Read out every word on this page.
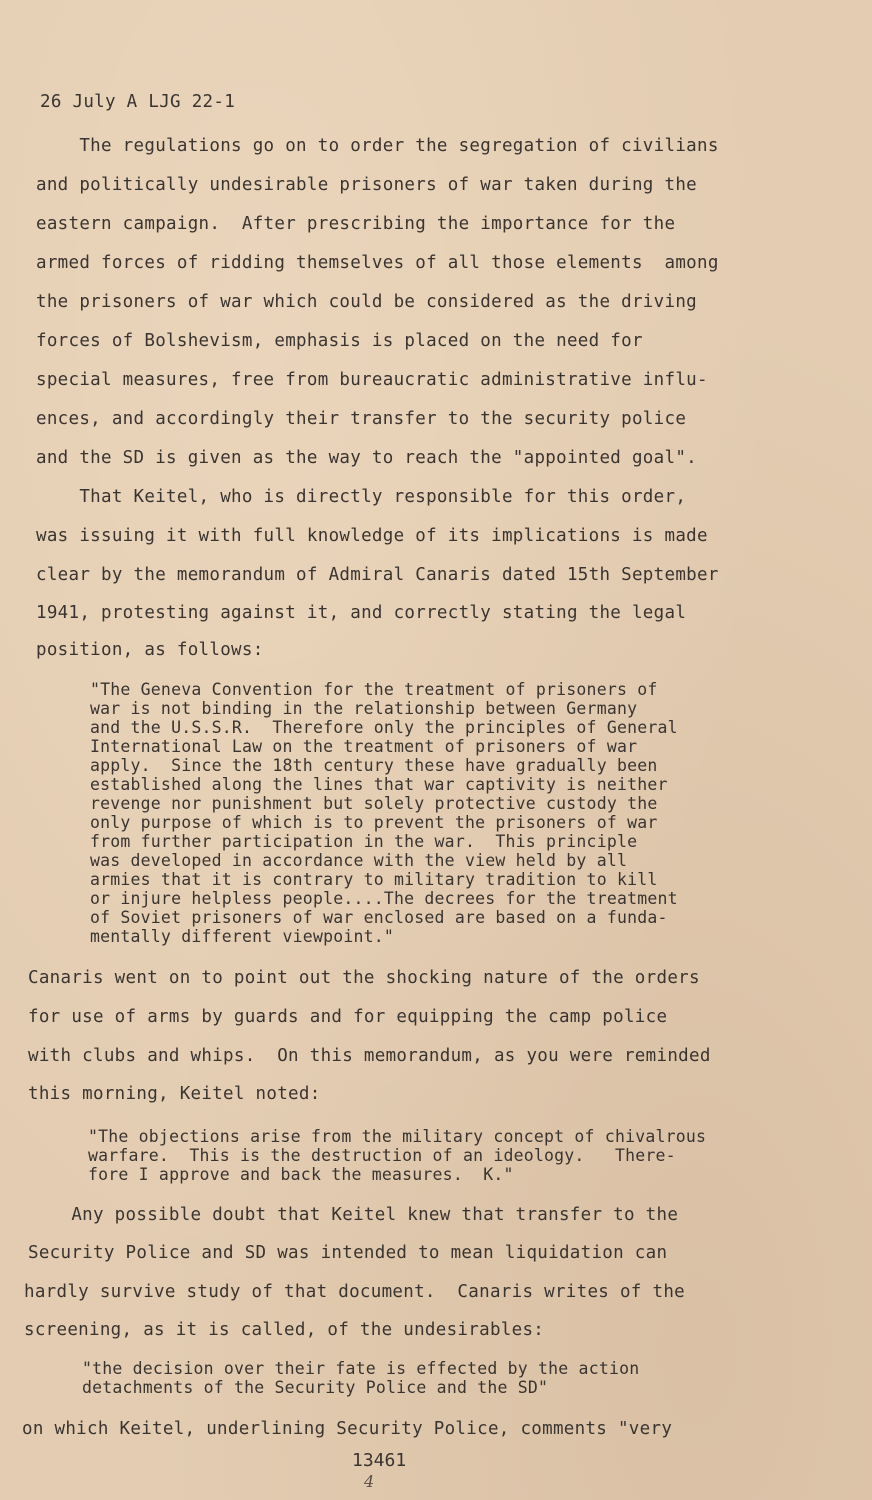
26 July A LJG 22-1
The regulations go on to order the segregation of civilians
and politically undesirable prisoners of war taken during the
eastern campaign.  After prescribing the importance for the
armed forces of ridding themselves of all those elements  among
the prisoners of war which could be considered as the driving
forces of Bolshevism, emphasis is placed on the need for
special measures, free from bureaucratic administrative influ-
ences, and accordingly their transfer to the security police
and the SD is given as the way to reach the "appointed goal".
That Keitel, who is directly responsible for this order,
was issuing it with full knowledge of its implications is made
clear by the memorandum of Admiral Canaris dated 15th September
1941, protesting against it, and correctly stating the legal
position, as follows:
"The Geneva Convention for the treatment of prisoners of
war is not binding in the relationship between Germany
and the U.S.S.R.  Therefore only the principles of General
International Law on the treatment of prisoners of war
apply.  Since the 18th century these have gradually been
established along the lines that war captivity is neither
revenge nor punishment but solely protective custody the
only purpose of which is to prevent the prisoners of war
from further participation in the war.  This principle
was developed in accordance with the view held by all
armies that it is contrary to military tradition to kill
or injure helpless people....The decrees for the treatment
of Soviet prisoners of war enclosed are based on a funda-
mentally different viewpoint."
Canaris went on to point out the shocking nature of the orders
for use of arms by guards and for equipping the camp police
with clubs and whips.  On this memorandum, as you were reminded
this morning, Keitel noted:
"The objections arise from the military concept of chivalrous
warfare.  This is the destruction of an ideology.   There-
fore I approve and back the measures.  K."
Any possible doubt that Keitel knew that transfer to the
Security Police and SD was intended to mean liquidation can
hardly survive study of that document.  Canaris writes of the
screening, as it is called, of the undesirables:
"the decision over their fate is effected by the action
detachments of the Security Police and the SD"
on which Keitel, underlining Security Police, comments "very
13461
4
